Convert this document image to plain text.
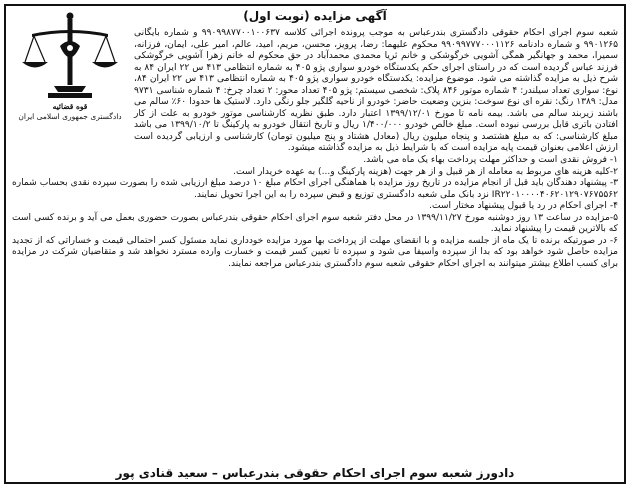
قوه قضائیه
دادگستری جمهوری اسلامی ایران
آگهی مزایده (نوبت اول)

شعبه سوم اجرای احکام حقوقی دادگستری بندرعباس به موجب پرونده اجرائی کلاسه ۹۹۰۹۹۸۷۷۰۰۱۰۰۶۳۷ و شماره بایگانی ۹۹۰۱۲۶۵ و شماره دادنامه ۹۹۰۹۹۷۷۷۰۰۰۱۱۲۶ محکوم علیهما: رضا، پرویز، محسن، مریم، امید، عالم، امیر علی، ایمان، فرزانه، سمیرا، محمد و جهانگیر همگی آشویی خرگوشکی و خانم ثریا محمدی محمدآباد در حق محکوم له خانم زهرا آشویی خرگوشکی فرزند عباس گردیده است که در راستای اجرای حکم یکدستگاه خودرو سواری پژو ۴۰۵ به شماره انتظامی ۴۱۳ س ۲۲ ایران ۸۴ به شرح ذیل به مزایده گذاشته می شود. موضوع مزایده: یکدستگاه خودرو سواری پژو ۴۰۵ به شماره انتظامی ۴۱۳ س ۲۲ ایران ۸۴، نوع: سواری تعداد سیلندر: ۴ شماره موتور ۸۴۶ پلاک: شخصی سیستم: پژو ۴۰۵ تعداد محور: ۲ تعداد چرخ: ۴ شماره شناسی ۹۷۳۱ مدل: ۱۳۸۹ رنگ: نقره ای نوع سوخت: بنزین وضعیت حاضر: خودرو از ناحیه گلگیر جلو رنگی دارد. لاستیک ها حدودا ۶۰٪ سالم می باشند زیربند سالم می باشد. بیمه نامه تا مورخ ۱۳۹۹/۱۲/۰۱ اعتبار دارد. طبق نظریه کارشناسی موتور خودرو به علت از کار افتادن باتری قابل بررسی نبوده است. مبلغ خالص خودرو ۱/۴۰۰/۰۰۰ ریال و تاریخ انتقال خودرو به پارکینگ تا ۱۳۹۹/۱۰/۲ می باشد مبلغ کارشناسی: که به مبلغ هشتصد و پنجاه میلیون ریال (معادل هشتاد و پنج میلیون تومان) کارشناسی و ارزیابی گردیده است ارزش اعلامی بعنوان قیمت پایه مزایده است که با شرایط ذیل به مزایده گذاشته میشود.

۱- فروش نقدی است و حداکثر مهلت پرداخت بهاء یک ماه می باشد.

۲-کلیه هزینه های مربوط به معامله از هر قبیل و از هر جهت (هزینه پارکینگ و...) به عهده خریدار است.

۳- پیشنهاد دهندگان باید قبل از انجام مزایده در تاریخ روز مزایده با هماهنگی اجرای احکام مبلغ ۱۰ درصد مبلغ ارزیابی شده را بصورت سپرده نقدی بحساب شماره IR۲۲۰۱۰۰۰۰۴۰۶۲۰۱۲۹۰۷۶۷۵۵۶۲ نزد بانک ملی شعبه دادگستری توزیع و قبض سپرده را به این اجرا تحویل نمایند.

۴- اجرای احکام در رد یا قبول پیشنهاد مختار است.

۵-مزایده در ساعت ۱۳ روز دوشنبه مورخ ۱۳۹۹/۱۱/۲۷ در محل دفتر شعبه سوم اجرای احکام حقوقی بندرعباس بصورت حضوری بعمل می آید و برنده کسی است که بالاترین قیمت را پیشنهاد نماید.

۶- در صورتیکه برنده تا یک ماه از جلسه مزایده و با انقضای مهلت از پرداخت بها مورد مزایده خودداری نماید مسئول کسر احتمالی قیمت و خساراتی که از تجدید مزایده حاصل شود خواهد بود که بدا از سپرده واسیفا می شود و سپرده تا تعیین کسر قیمت و خسارت وارده مسترد نخواهد شد و متقاضیان شرکت در مزایده برای کسب اطلاع بیشتر میتوانند به اجرای احکام حقوقی شعبه سوم دادگستری بندرعباس مراجعه نمایند.

دادورز شعبه سوم اجرای احکام حقوقی بندرعباس – سعید قنادی پور
